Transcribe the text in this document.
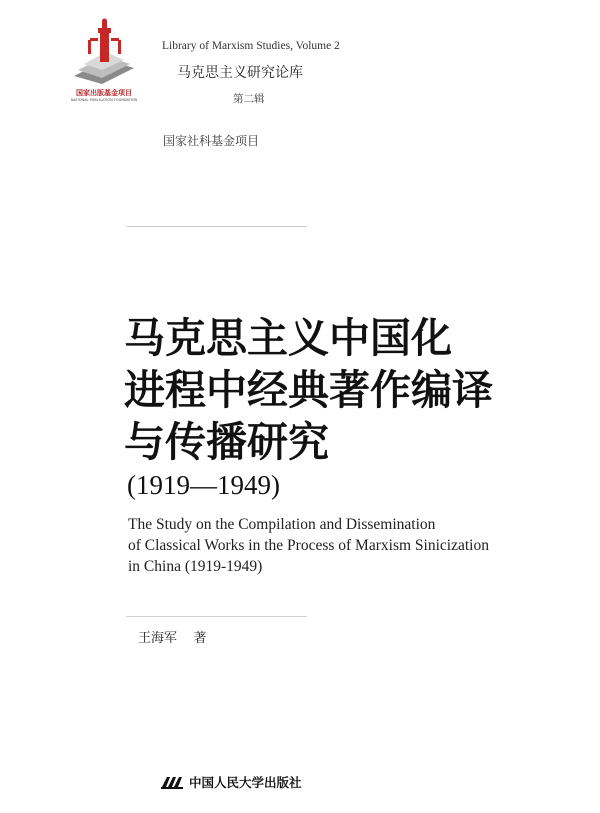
国家出版基金项目
NATIONAL PUBLICATION FOUNDATION
Library of Marxism Studies, Volume 2
马克思主义研究论库
第二辑
国家社科基金项目
马克思主义中国化
进程中经典著作编译
与传播研究
(1919—1949)
The Study on the Compilation and Dissemination
of Classical Works in the Process of Marxism Sinicization
in China (1919-1949)
王海军    著
中国人民大学出版社
